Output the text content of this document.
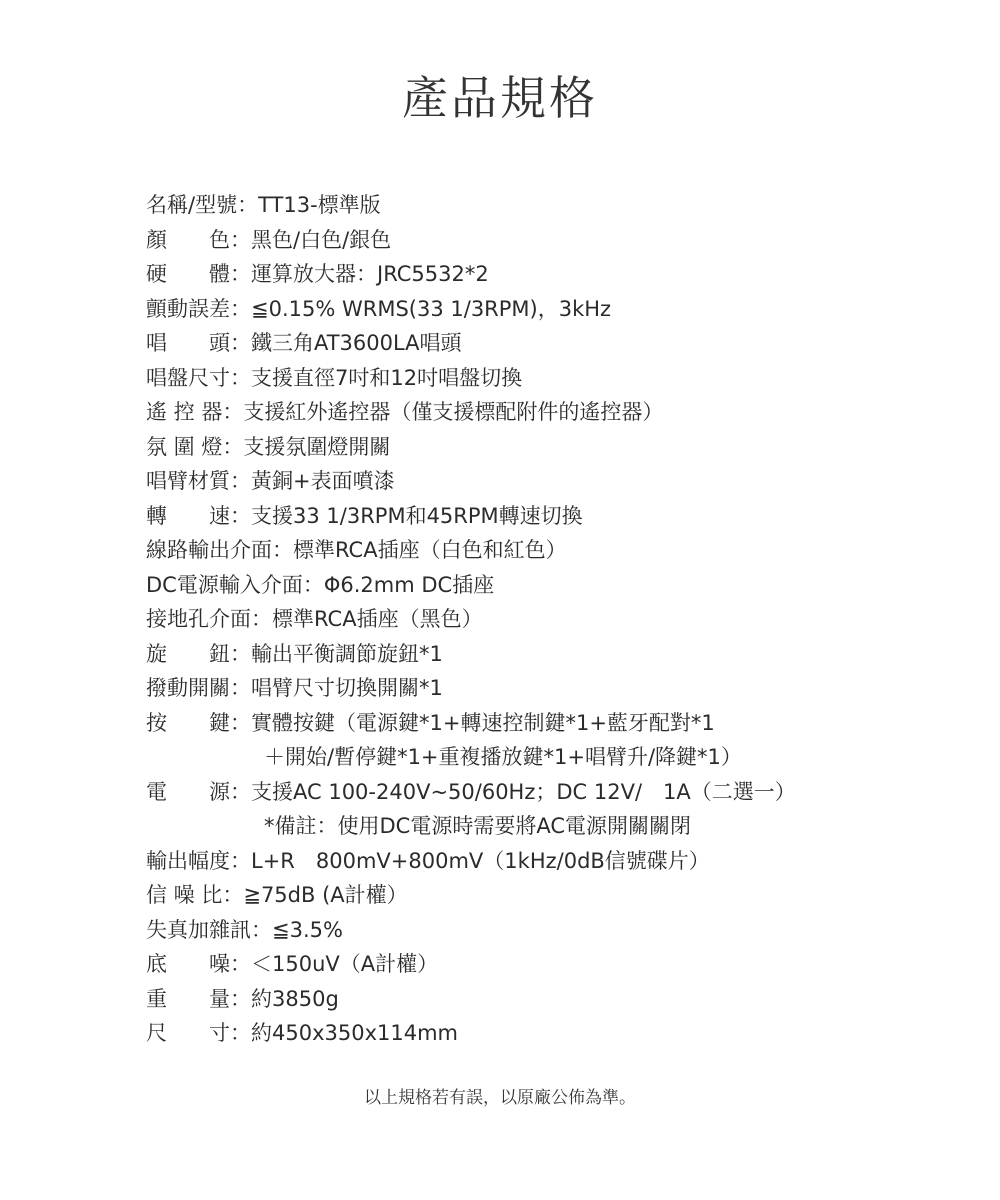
產品規格
名稱/型號：TT13-標準版
顏　　色：黑色/白色/銀色
硬　　體：運算放大器：JRC5532*2
顫動誤差：≦0.15% WRMS(33 1/3RPM)，3kHz
唱　　頭：鐵三角AT3600LA唱頭
唱盤尺寸：支援直徑7吋和12吋唱盤切換
遙 控 器：支援紅外遙控器（僅支援標配附件的遙控器）
氛 圍 燈：支援氛圍燈開關
唱臂材質：黃銅+表面噴漆
轉　　速：支援33 1/3RPM和45RPM轉速切換
線路輸出介面：標準RCA插座（白色和紅色）
DC電源輸入介面：Φ6.2mm DC插座
接地孔介面：標準RCA插座（黑色）
旋　　鈕：輸出平衡調節旋鈕*1
撥動開關：唱臂尺寸切換開關*1
按　　鍵：實體按鍵（電源鍵*1+轉速控制鍵*1+藍牙配對*1
＋開始/暫停鍵*1+重複播放鍵*1+唱臂升/降鍵*1）
電　　源：支援AC 100-240V~50/60Hz；DC 12V/　1A（二選一）
*備註：使用DC電源時需要將AC電源開關關閉
輸出幅度：L+R　800mV+800mV（1kHz/0dB信號碟片）
信 噪 比：≧75dB (A計權）
失真加雜訊：≦3.5%
底　　噪：＜150uV（A計權）
重　　量：約3850g
尺　　寸：約450x350x114mm
以上規格若有誤，以原廠公佈為準。
